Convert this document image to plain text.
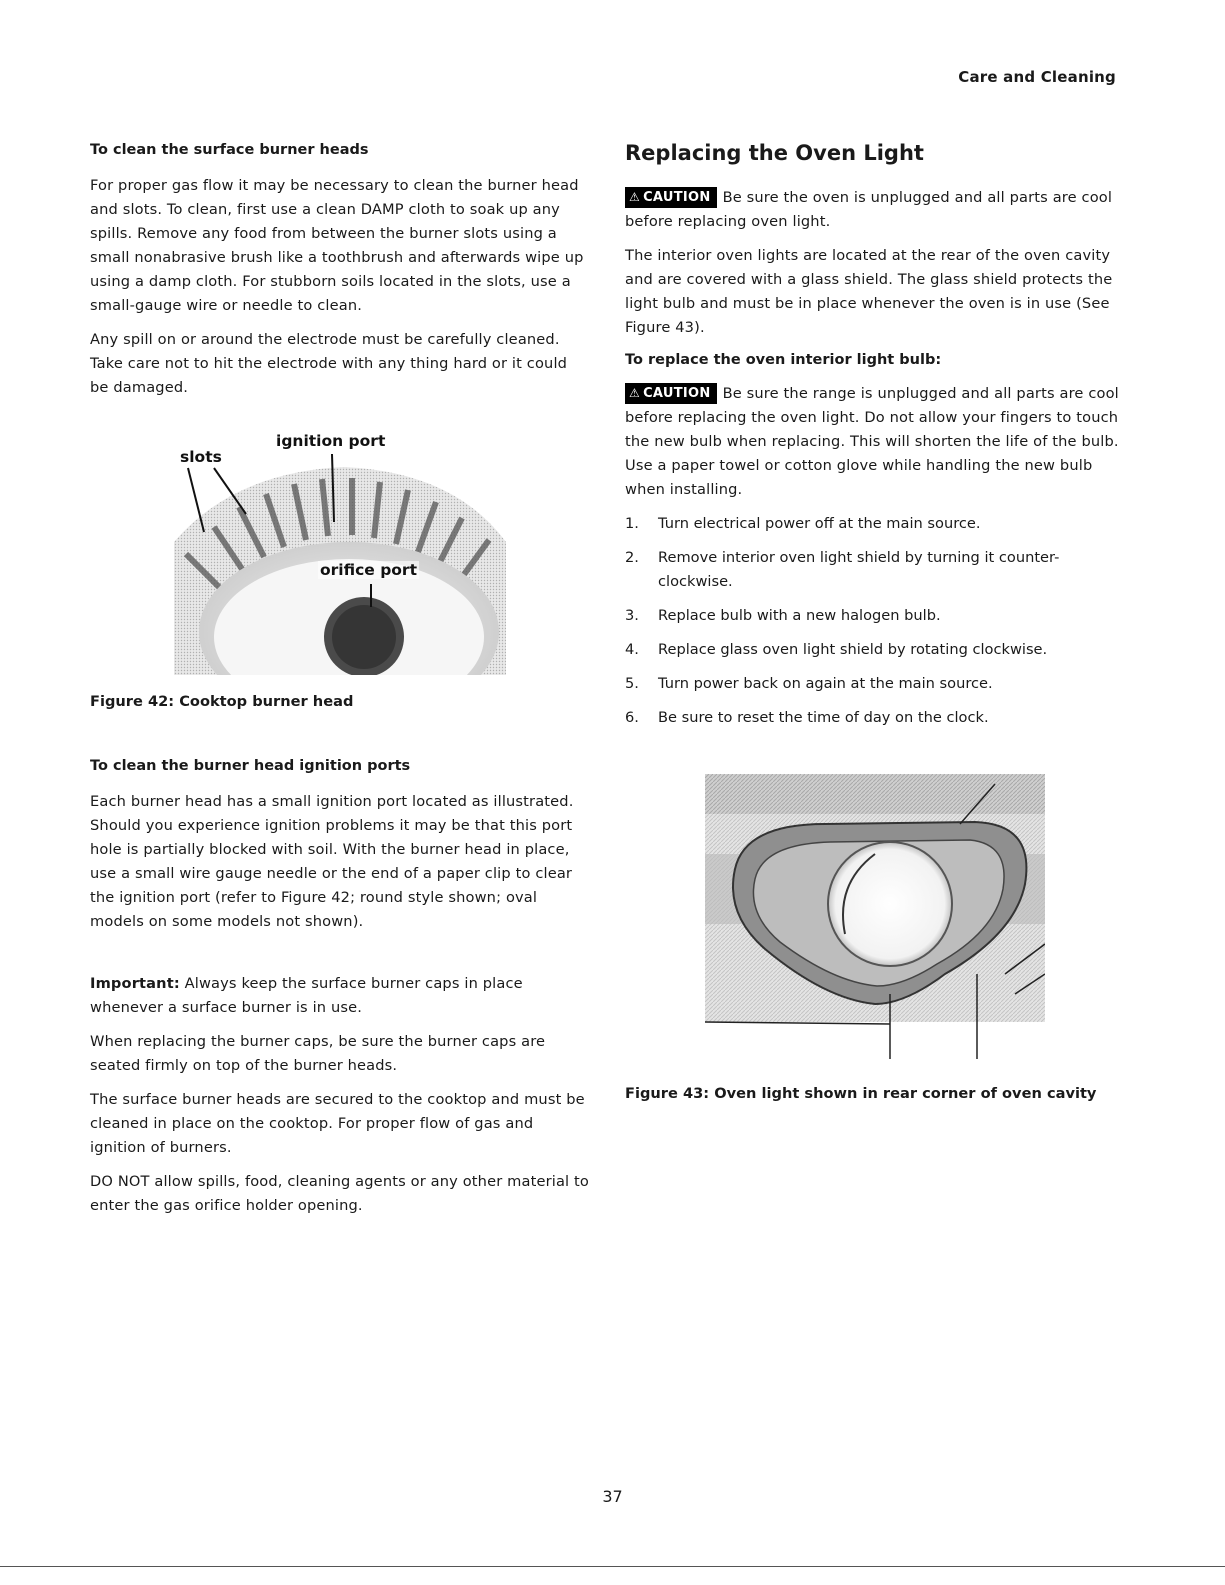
Care and Cleaning
To clean the surface burner heads

For proper gas flow it may be necessary to clean the burner head and slots. To clean, first use a clean DAMP cloth to soak up any spills. Remove any food from between the burner slots using a small nonabrasive brush like a toothbrush and afterwards wipe up using a damp cloth. For stubborn soils located in the slots, use a small-gauge wire or needle to clean.

Any spill on or around the electrode must be carefully cleaned. Take care not to hit the electrode with any thing hard or it could be damaged.

slots
ignition port
orifice port
Figure 42: Cooktop burner head
To clean the burner head ignition ports

Each burner head has a small ignition port located as illustrated. Should you experience ignition problems it may be that this port hole is partially blocked with soil. With the burner head in place, use a small wire gauge needle or the end of a paper clip to clear the ignition port (refer to Figure 42; round style shown; oval models on some models not shown).

Important: Always keep the surface burner caps in place whenever a surface burner is in use.

When replacing the burner caps, be sure the burner caps are seated firmly on top of the burner heads.

The surface burner heads are secured to the cooktop and must be cleaned in place on the cooktop. For proper flow of gas and ignition of burners.

DO NOT allow spills, food, cleaning agents or any other material to enter the gas orifice holder opening.

Replacing the Oven Light

⚠ CAUTION Be sure the oven is unplugged and all parts are cool before replacing oven light.

The interior oven lights are located at the rear of the oven cavity and are covered with a glass shield. The glass shield protects the light bulb and must be in place whenever the oven is in use (See Figure 43).

To replace the oven interior light bulb:

⚠ CAUTION Be sure the range is unplugged and all parts are cool before replacing the oven light. Do not allow your fingers to touch the new bulb when replacing. This will shorten the life of the bulb. Use a paper towel or cotton glove while handling the new bulb when installing.

1. Turn electrical power off at the main source.
2. Remove interior oven light shield by turning it counter-clockwise.
3. Replace bulb with a new halogen bulb.
4. Replace glass oven light shield by rotating clockwise.
5. Turn power back on again at the main source.
6. Be sure to reset the time of day on the clock.
Figure 43: Oven light shown in rear corner of oven cavity
37
